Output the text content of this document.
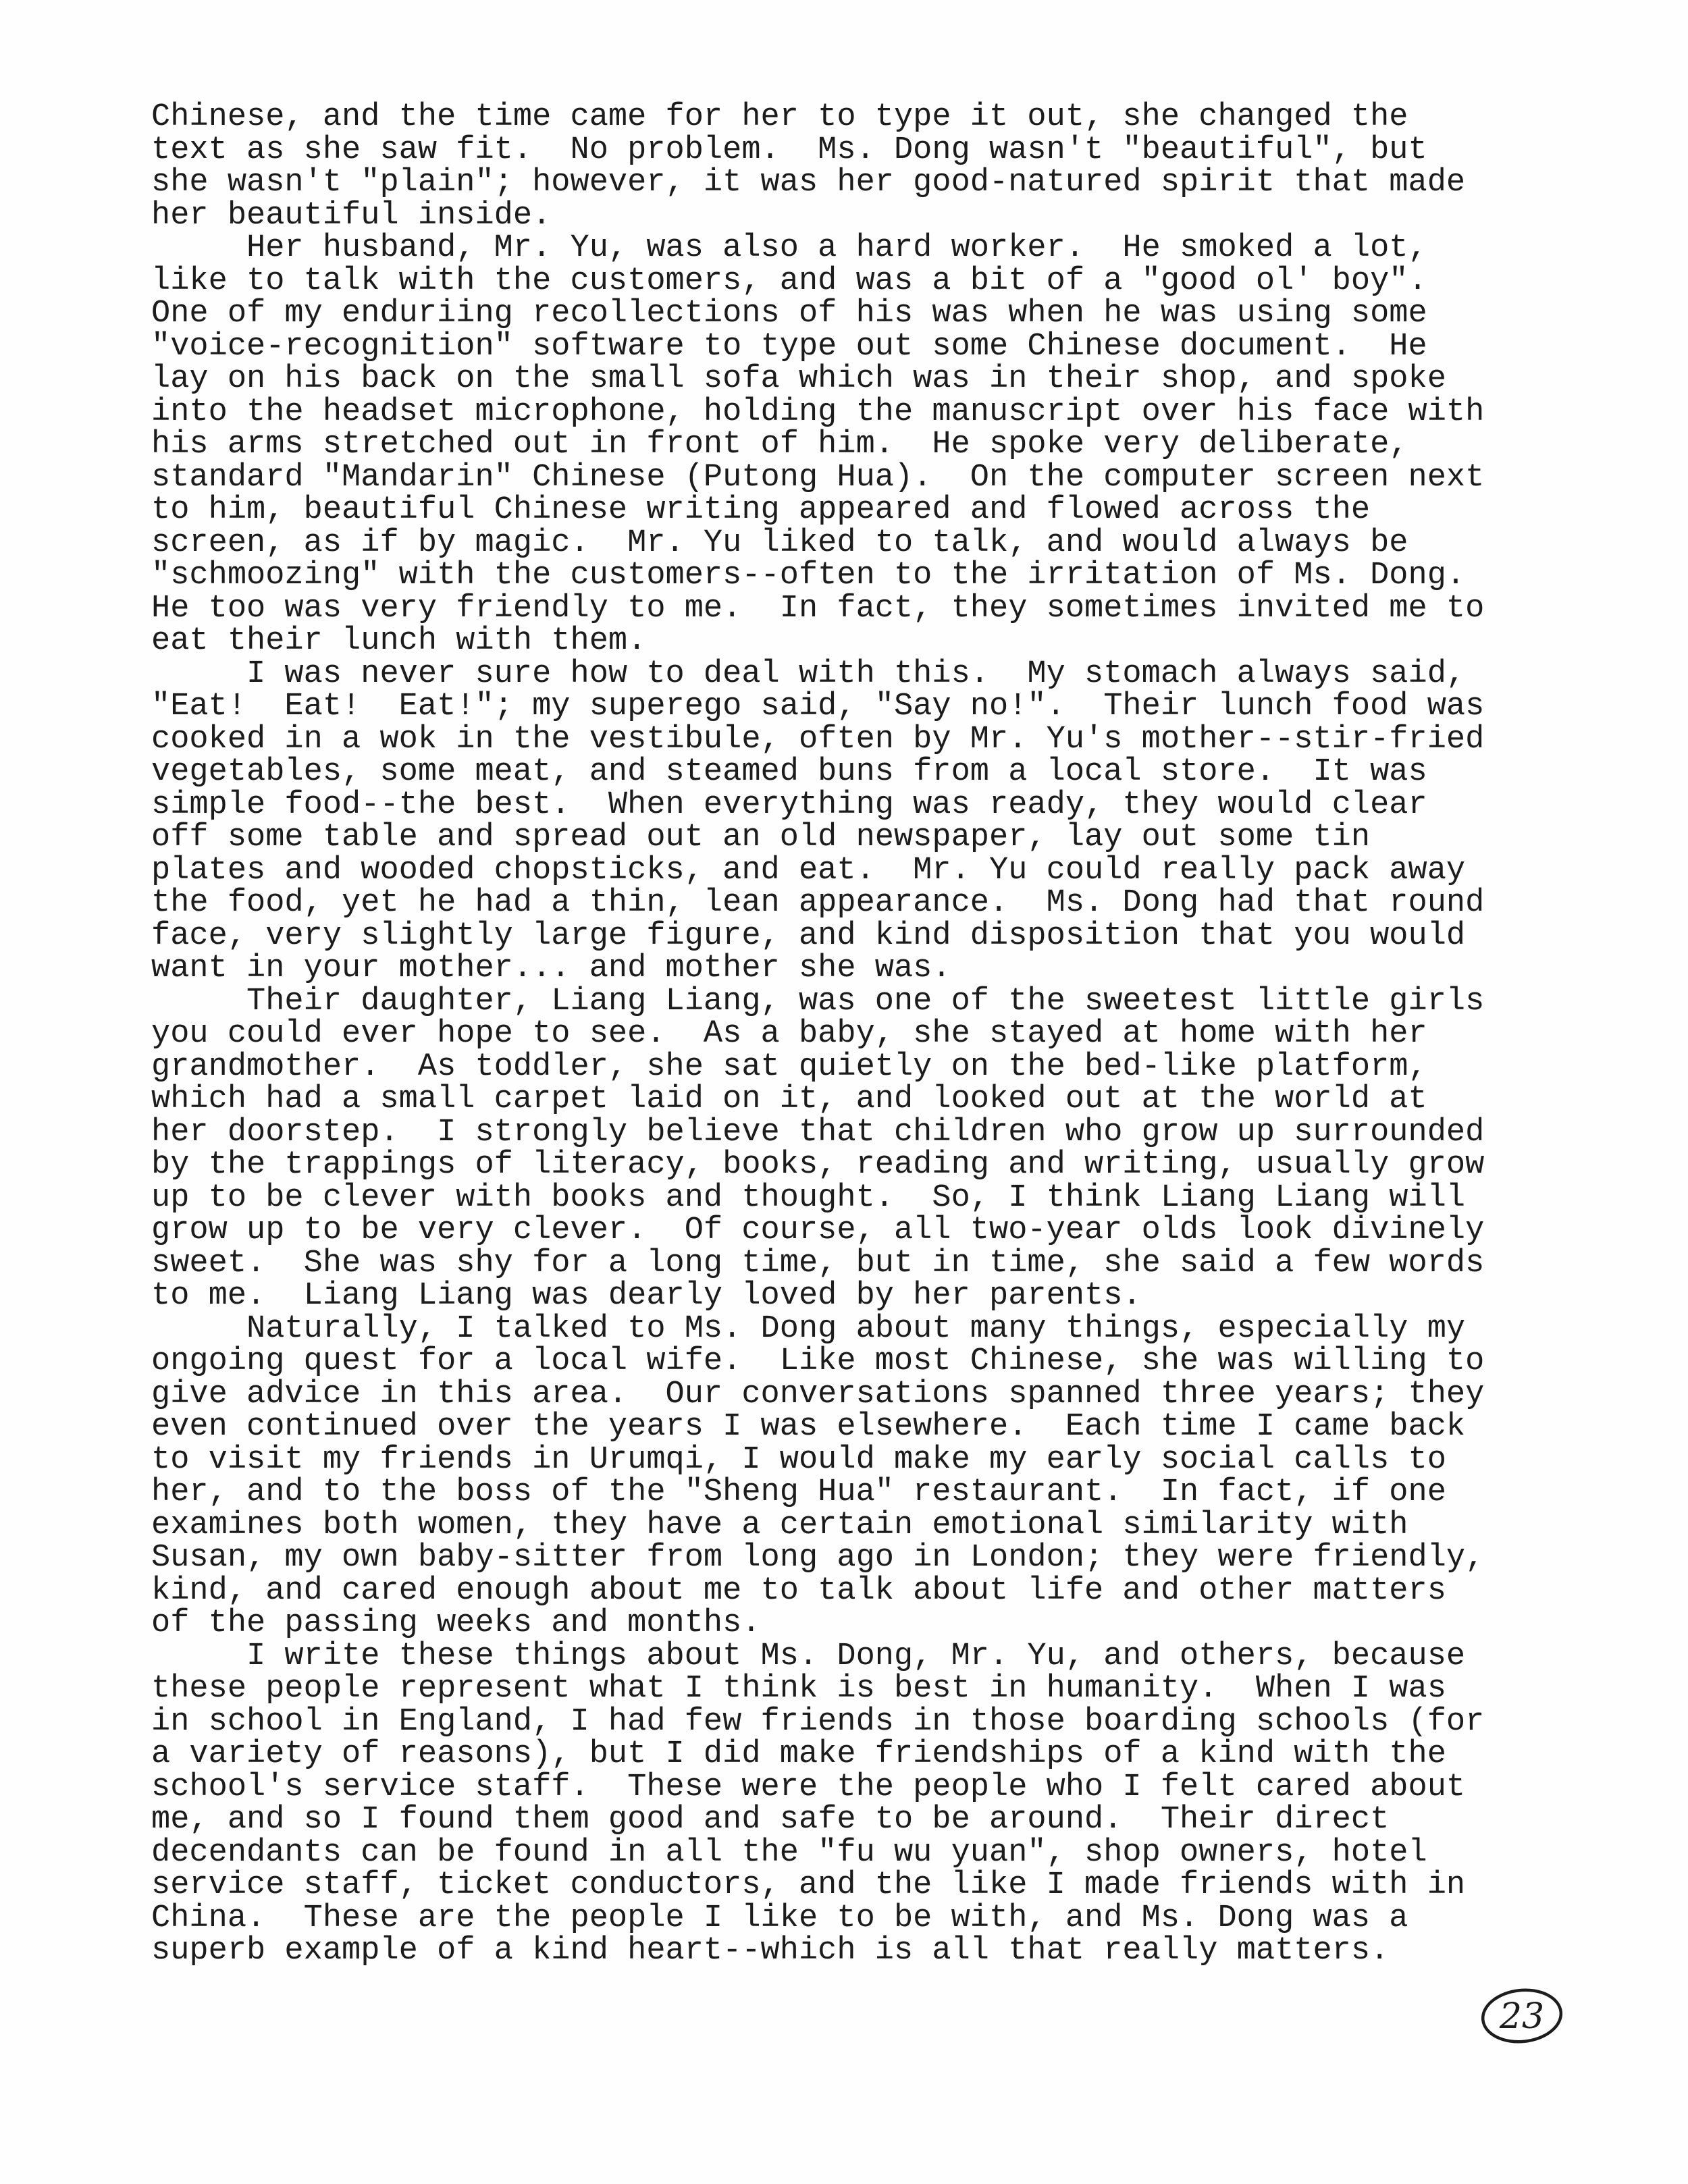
Chinese, and the time came for her to type it out, she changed the
text as she saw fit.  No problem.  Ms. Dong wasn't "beautiful", but
she wasn't "plain"; however, it was her good-natured spirit that made
her beautiful inside.
Her husband, Mr. Yu, was also a hard worker.  He smoked a lot,
like to talk with the customers, and was a bit of a "good ol' boy".
One of my enduriing recollections of his was when he was using some
"voice-recognition" software to type out some Chinese document.  He
lay on his back on the small sofa which was in their shop, and spoke
into the headset microphone, holding the manuscript over his face with
his arms stretched out in front of him.  He spoke very deliberate,
standard "Mandarin" Chinese (Putong Hua).  On the computer screen next
to him, beautiful Chinese writing appeared and flowed across the
screen, as if by magic.  Mr. Yu liked to talk, and would always be
"schmoozing" with the customers--often to the irritation of Ms. Dong.
He too was very friendly to me.  In fact, they sometimes invited me to
eat their lunch with them.
I was never sure how to deal with this.  My stomach always said,
"Eat!  Eat!  Eat!"; my superego said, "Say no!".  Their lunch food was
cooked in a wok in the vestibule, often by Mr. Yu's mother--stir-fried
vegetables, some meat, and steamed buns from a local store.  It was
simple food--the best.  When everything was ready, they would clear
off some table and spread out an old newspaper, lay out some tin
plates and wooded chopsticks, and eat.  Mr. Yu could really pack away
the food, yet he had a thin, lean appearance.  Ms. Dong had that round
face, very slightly large figure, and kind disposition that you would
want in your mother... and mother she was.
Their daughter, Liang Liang, was one of the sweetest little girls
you could ever hope to see.  As a baby, she stayed at home with her
grandmother.  As toddler, she sat quietly on the bed-like platform,
which had a small carpet laid on it, and looked out at the world at
her doorstep.  I strongly believe that children who grow up surrounded
by the trappings of literacy, books, reading and writing, usually grow
up to be clever with books and thought.  So, I think Liang Liang will
grow up to be very clever.  Of course, all two-year olds look divinely
sweet.  She was shy for a long time, but in time, she said a few words
to me.  Liang Liang was dearly loved by her parents.
Naturally, I talked to Ms. Dong about many things, especially my
ongoing quest for a local wife.  Like most Chinese, she was willing to
give advice in this area.  Our conversations spanned three years; they
even continued over the years I was elsewhere.  Each time I came back
to visit my friends in Urumqi, I would make my early social calls to
her, and to the boss of the "Sheng Hua" restaurant.  In fact, if one
examines both women, they have a certain emotional similarity with
Susan, my own baby-sitter from long ago in London; they were friendly,
kind, and cared enough about me to talk about life and other matters
of the passing weeks and months.
I write these things about Ms. Dong, Mr. Yu, and others, because
these people represent what I think is best in humanity.  When I was
in school in England, I had few friends in those boarding schools (for
a variety of reasons), but I did make friendships of a kind with the
school's service staff.  These were the people who I felt cared about
me, and so I found them good and safe to be around.  Their direct
decendants can be found in all the "fu wu yuan", shop owners, hotel
service staff, ticket conductors, and the like I made friends with in
China.  These are the people I like to be with, and Ms. Dong was a
superb example of a kind heart--which is all that really matters.
23
